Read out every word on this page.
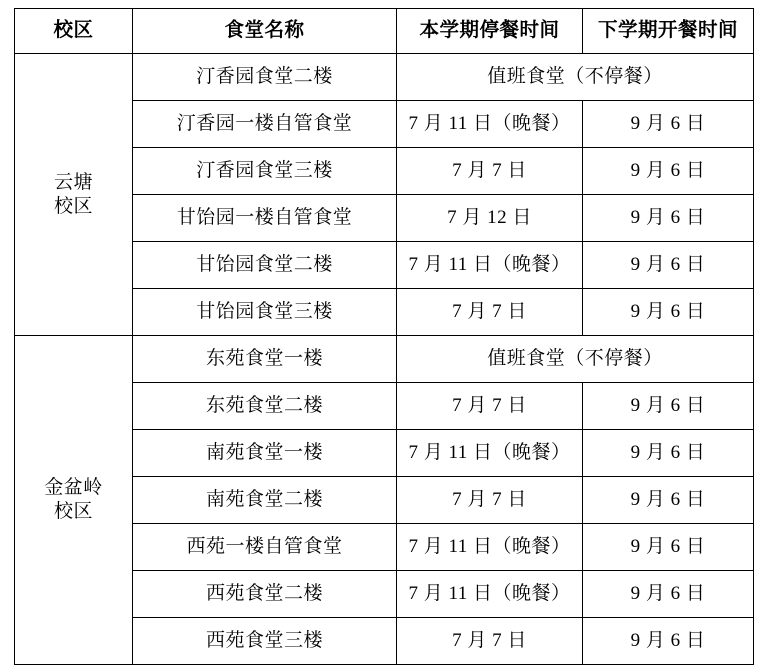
校区	食堂名称	本学期停餐时间	下学期开餐时间

云塘
校区	汀香园食堂二楼	值班食堂（不停餐）	
	汀香园一楼自管食堂	7 月 11 日（晚餐）	9 月 6 日
	汀香园食堂三楼	7 月 7 日	9 月 6 日
	甘饴园一楼自管食堂	7 月 12 日	9 月 6 日
	甘饴园食堂二楼	7 月 11 日（晚餐）	9 月 6 日
	甘饴园食堂三楼	7 月 7 日	9 月 6 日

金盆岭
校区	东苑食堂一楼	值班食堂（不停餐）	
	东苑食堂二楼	7 月 7 日	9 月 6 日
	南苑食堂一楼	7 月 11 日（晚餐）	9 月 6 日
	南苑食堂二楼	7 月 7 日	9 月 6 日
	西苑一楼自管食堂	7 月 11 日（晚餐）	9 月 6 日
	西苑食堂二楼	7 月 11 日（晚餐）	9 月 6 日
	西苑食堂三楼	7 月 7 日	9 月 6 日
